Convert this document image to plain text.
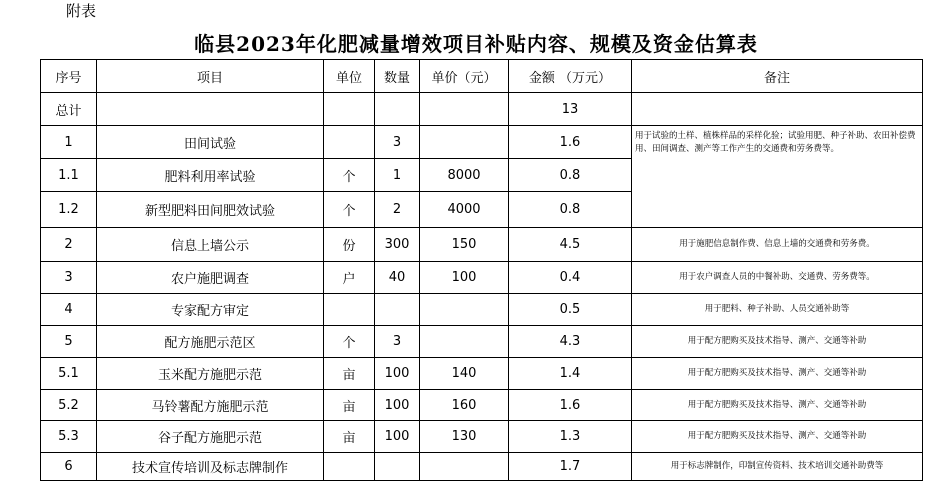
附表
临县2023年化肥减量增效项目补贴内容、规模及资金估算表
序号	项目	单位	数量	单价（元）	金额 （万元）	备注
总计					13	
1	田间试验		3		1.6	用于试验的土样、植株样品的采样化验；试验用肥、种子补助、农田补偿费用、田间调查、测产等工作产生的交通费和劳务费等。
1.1	肥料利用率试验	个	1	8000	0.8	
1.2	新型肥料田间肥效试验	个	2	4000	0.8	
2	信息上墙公示	份	300	150	4.5	用于施肥信息制作费、信息上墙的交通费和劳务费。
3	农户施肥调查	户	40	100	0.4	用于农户调查人员的中餐补助、交通费、劳务费等。
4	专家配方审定				0.5	用于肥料、种子补助、人员交通补助等
5	配方施肥示范区	个	3		4.3	用于配方肥购买及技术指导、测产、交通等补助
5.1	玉米配方施肥示范	亩	100	140	1.4	用于配方肥购买及技术指导、测产、交通等补助
5.2	马铃薯配方施肥示范	亩	100	160	1.6	用于配方肥购买及技术指导、测产、交通等补助
5.3	谷子配方施肥示范	亩	100	130	1.3	用于配方肥购买及技术指导、测产、交通等补助
6	技术宣传培训及标志牌制作				1.7	用于标志牌制作，印制宣传资料、技术培训交通补助费等
